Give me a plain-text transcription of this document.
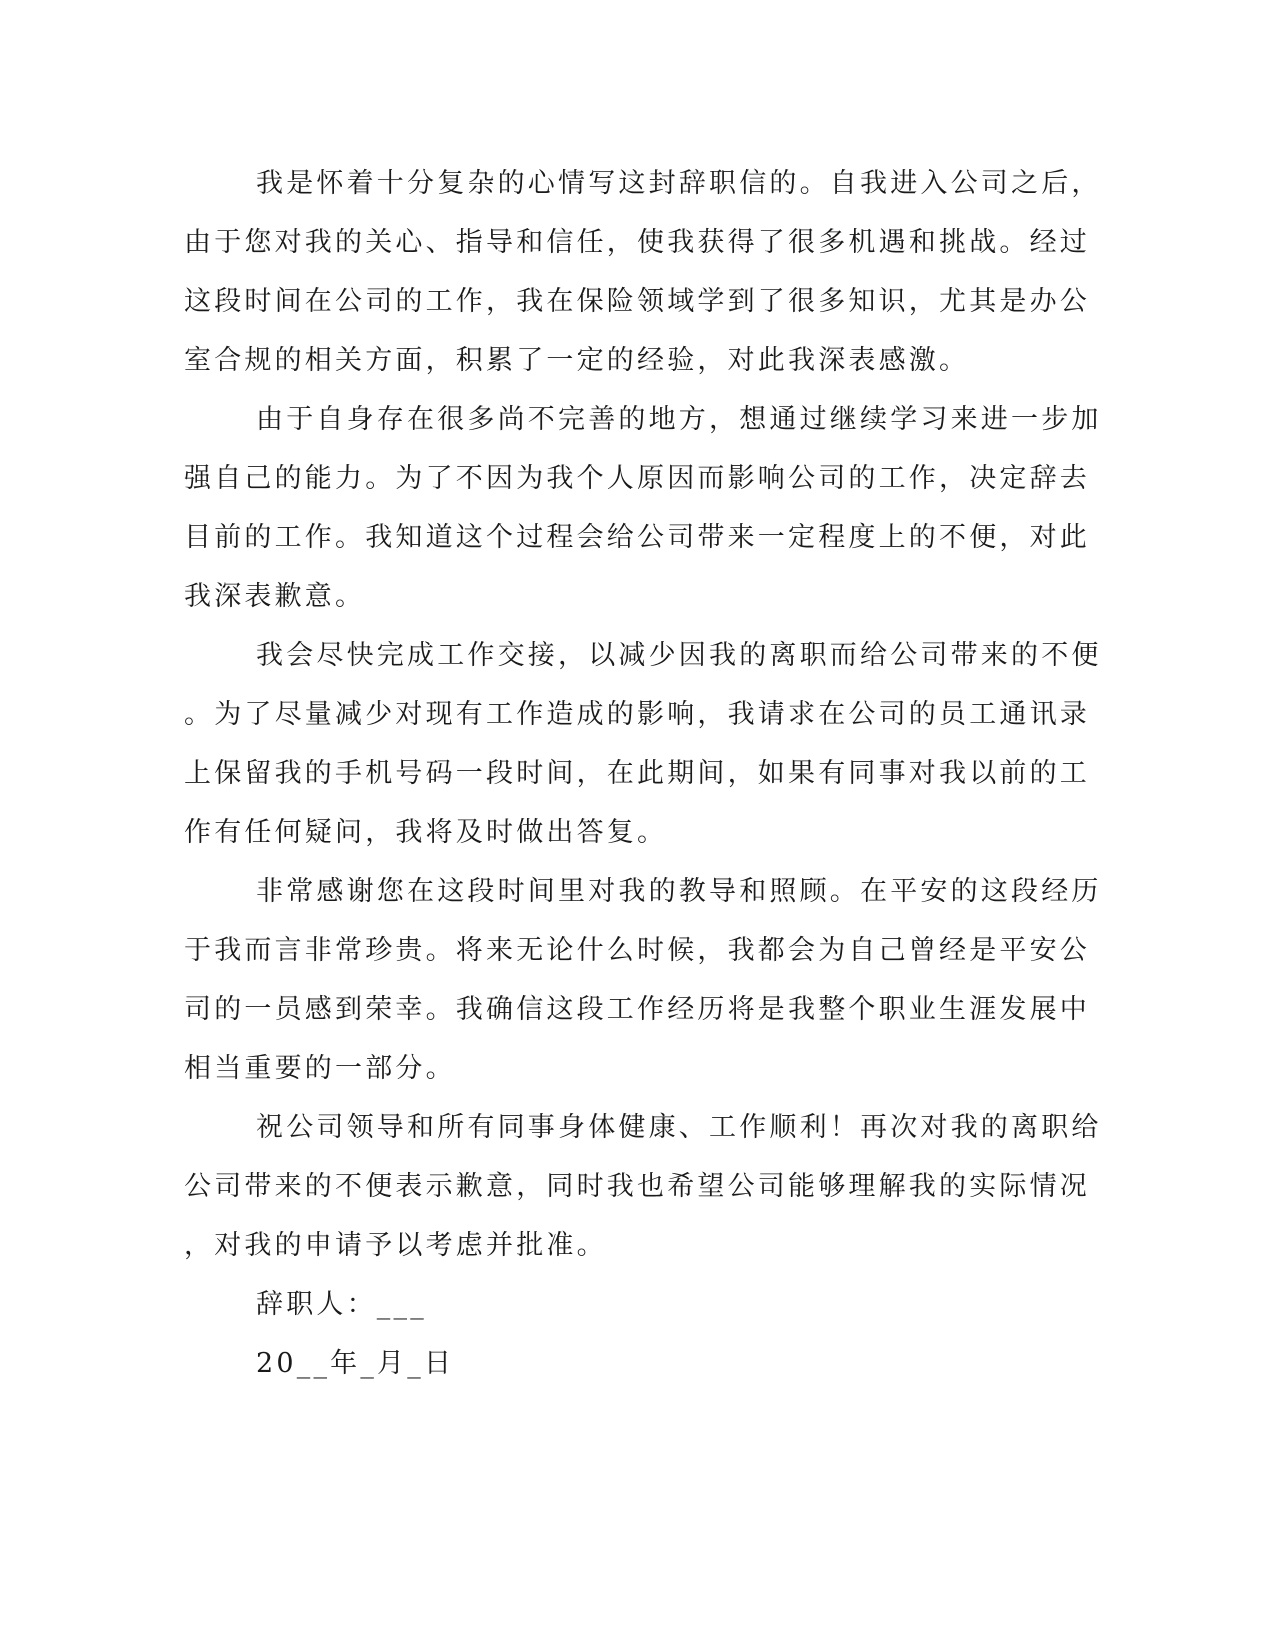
我是怀着十分复杂的心情写这封辞职信的。自我进入公司之后，
由于您对我的关心、指导和信任，使我获得了很多机遇和挑战。经过
这段时间在公司的工作，我在保险领域学到了很多知识，尤其是办公
室合规的相关方面，积累了一定的经验，对此我深表感激。
由于自身存在很多尚不完善的地方，想通过继续学习来进一步加
强自己的能力。为了不因为我个人原因而影响公司的工作，决定辞去
目前的工作。我知道这个过程会给公司带来一定程度上的不便，对此
我深表歉意。
我会尽快完成工作交接，以减少因我的离职而给公司带来的不便
。为了尽量减少对现有工作造成的影响，我请求在公司的员工通讯录
上保留我的手机号码一段时间，在此期间，如果有同事对我以前的工
作有任何疑问，我将及时做出答复。
非常感谢您在这段时间里对我的教导和照顾。在平安的这段经历
于我而言非常珍贵。将来无论什么时候，我都会为自己曾经是平安公
司的一员感到荣幸。我确信这段工作经历将是我整个职业生涯发展中
相当重要的一部分。
祝公司领导和所有同事身体健康、工作顺利！再次对我的离职给
公司带来的不便表示歉意，同时我也希望公司能够理解我的实际情况
，对我的申请予以考虑并批准。
辞职人：___
20__年_月_日
